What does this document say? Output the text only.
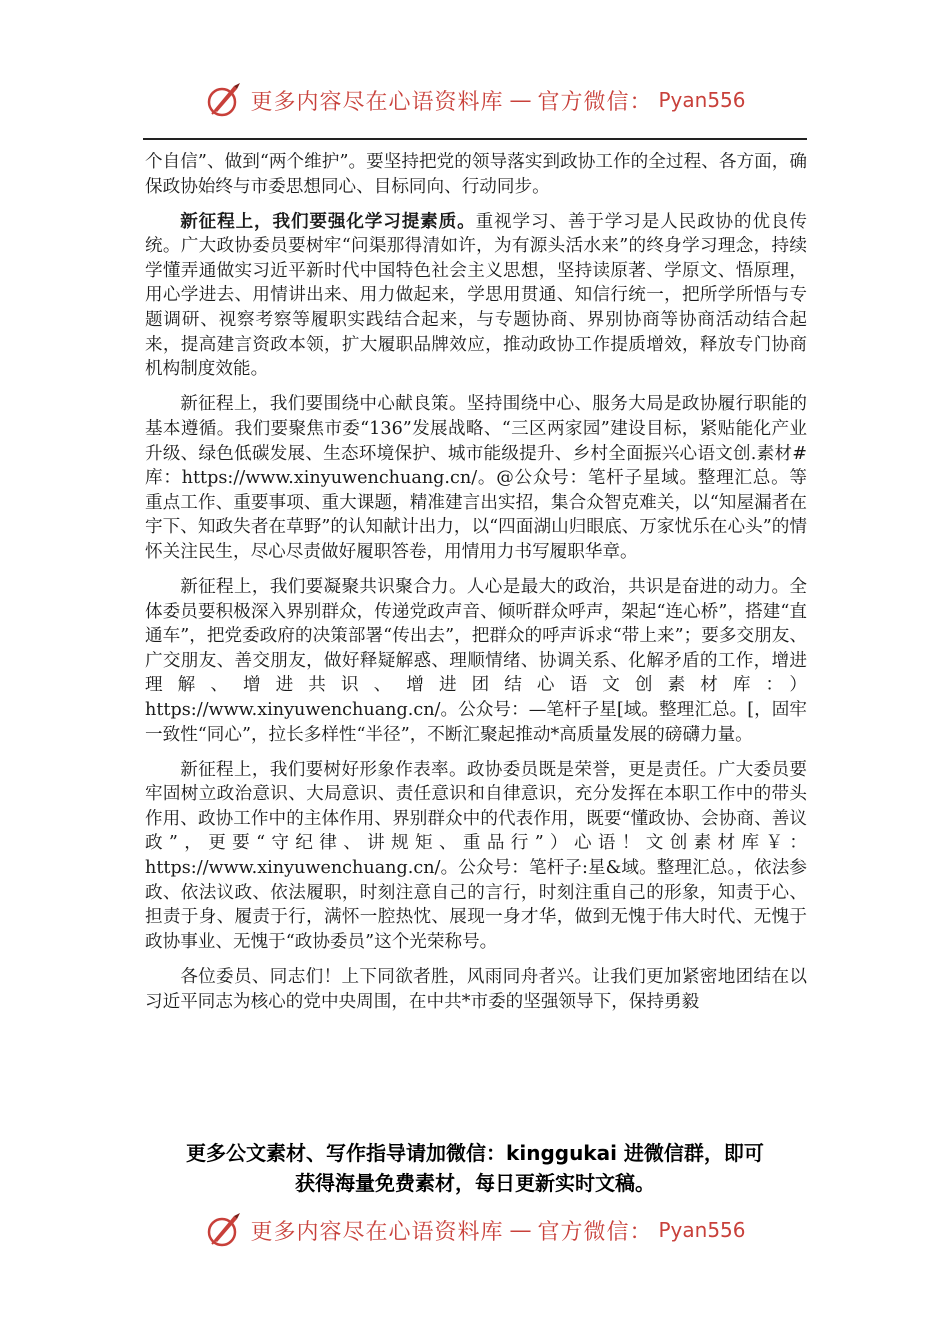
更多内容尽在心语资料库 — 官方微信： Pyan556

个自信”、做到“两个维护”。要坚持把党的领导落实到政协工作的全过程、各方面，确保政协始终与市委思想同心、目标同向、行动同步。

新征程上，我们要强化学习提素质。重视学习、善于学习是人民政协的优良传统。广大政协委员要树牢“问渠那得清如许，为有源头活水来”的终身学习理念，持续学懂弄通做实习近平新时代中国特色社会主义思想，坚持读原著、学原文、悟原理，用心学进去、用情讲出来、用力做起来，学思用贯通、知信行统一，把所学所悟与专题调研、视察考察等履职实践结合起来，与专题协商、界别协商等协商活动结合起来，提高建言资政本领，扩大履职品牌效应，推动政协工作提质增效，释放专门协商机构制度效能。

新征程上，我们要围绕中心献良策。坚持围绕中心、服务大局是政协履行职能的基本遵循。我们要聚焦市委“136”发展战略、“三区两家园”建设目标，紧贴能化产业升级、绿色低碳发展、生态环境保护、城市能级提升、乡村全面振兴心语文创.素材#库：https://www.xinyuwenchuang.cn/。@公众号：笔杆子星域。整理汇总。等重点工作、重要事项、重大课题，精准建言出实招，集合众智克难关，以“知屋漏者在宇下、知政失者在草野”的认知献计出力，以“四面湖山归眼底、万家忧乐在心头”的情怀关注民生，尽心尽责做好履职答卷，用情用力书写履职华章。

新征程上，我们要凝聚共识聚合力。人心是最大的政治，共识是奋进的动力。全体委员要积极深入界别群众，传递党政声音、倾听群众呼声，架起“连心桥”，搭建“直通车”，把党委政府的决策部署“传出去”，把群众的呼声诉求“带上来”；要多交朋友、广交朋友、善交朋友，做好释疑解惑、理顺情绪、协调关系、化解矛盾的工作，增进理解、增进共识、增进团结心语文创素材库：）https://www.xinyuwenchuang.cn/。公众号：—笔杆子星[域。整理汇总。[，固牢一致性“同心”，拉长多样性“半径”，不断汇聚起推动*高质量发展的磅礴力量。

新征程上，我们要树好形象作表率。政协委员既是荣誉，更是责任。广大委员要牢固树立政治意识、大局意识、责任意识和自律意识，充分发挥在本职工作中的带头作用、政协工作中的主体作用、界别群众中的代表作用，既要“懂政协、会协商、善议政”，更要“守纪律、讲规矩、重品行”）心语！文创素材库￥：https://www.xinyuwenchuang.cn/。公众号：笔杆子:星&域。整理汇总。，依法参政、依法议政、依法履职，时刻注意自己的言行，时刻注重自己的形象，知责于心、担责于身、履责于行，满怀一腔热忱、展现一身才华，做到无愧于伟大时代、无愧于政协事业、无愧于“政协委员”这个光荣称号。

各位委员、同志们！上下同欲者胜，风雨同舟者兴。让我们更加紧密地团结在以习近平同志为核心的党中央周围，在中共*市委的坚强领导下，保持勇毅

更多公文素材、写作指导请加微信：kinggukai 进微信群，即可
获得海量免费素材，每日更新实时文稿。
更多内容尽在心语资料库 — 官方微信： Pyan556
